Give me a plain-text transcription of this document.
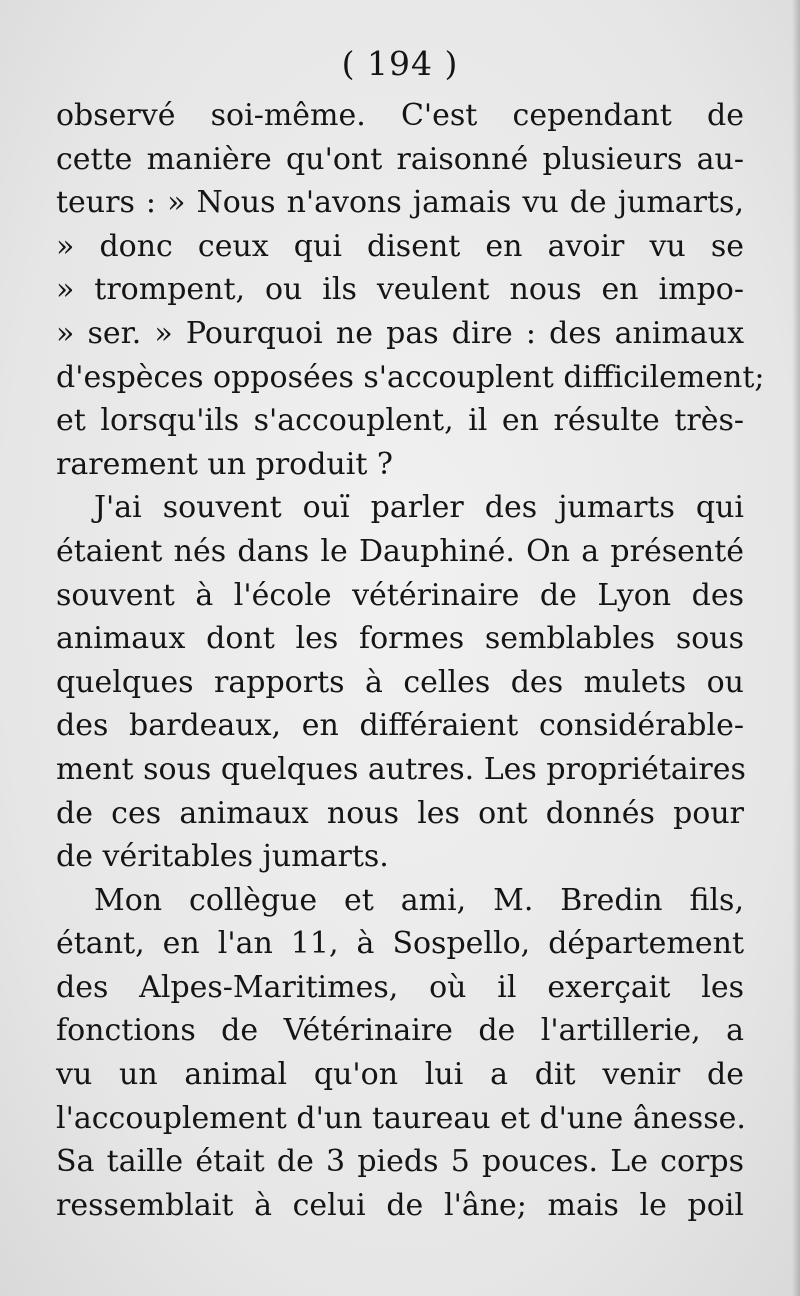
( 194 )
observé soi-même. C'est cependant de
cette manière qu'ont raisonné plusieurs au-
teurs : » Nous n'avons jamais vu de jumarts,
» donc ceux qui disent en avoir vu se
» trompent, ou ils veulent nous en impo-
» ser. » Pourquoi ne pas dire : des animaux
d'espèces opposées s'accouplent difficilement;
et lorsqu'ils s'accouplent, il en résulte très-
rarement un produit ?
J'ai souvent ouï parler des jumarts qui
étaient nés dans le Dauphiné. On a présenté
souvent à l'école vétérinaire de Lyon des
animaux dont les formes semblables sous
quelques rapports à celles des mulets ou
des bardeaux, en différaient considérable-
ment sous quelques autres. Les propriétaires
de ces animaux nous les ont donnés pour
de véritables jumarts.
Mon collègue et ami, M. Bredin fils,
étant, en l'an 11, à Sospello, département
des Alpes-Maritimes, où il exerçait les
fonctions de Vétérinaire de l'artillerie, a
vu un animal qu'on lui a dit venir de
l'accouplement d'un taureau et d'une ânesse.
Sa taille était de 3 pieds 5 pouces. Le corps
ressemblait à celui de l'âne; mais le poil
